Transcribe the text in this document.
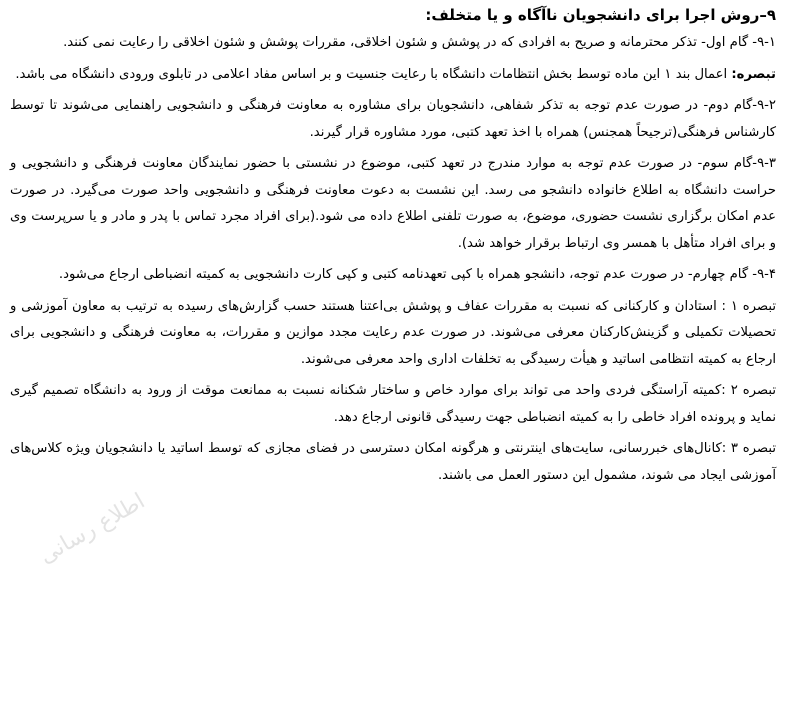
۹–روش اجرا برای دانشجویان ناآگاه و یا متخلف:

۹-۱- گام اول- تذکر محترمانه و صریح به افرادی که در پوشش و شئون اخلاقی، مقررات پوشش و شئون اخلاقی را رعایت نمی کنند.

تبصره: اعمال بند ۱ این ماده توسط بخش انتظامات دانشگاه با رعایت جنسیت و بر اساس مفاد اعلامی در تابلوی ورودی دانشگاه می باشد.

۹-۲-گام دوم- در صورت عدم توجه به تذکر شفاهی، دانشجویان برای مشاوره به معاونت فرهنگی و دانشجویی راهنمایی می‌شوند تا توسط کارشناس فرهنگی(ترجیحاً همجنس) همراه با اخذ تعهد کتبی، مورد مشاوره قرار گیرند.

۹-۳-گام سوم- در صورت عدم توجه به موارد مندرج در تعهد کتبی، موضوع در نشستی با حضور نمایندگان معاونت فرهنگی و دانشجویی و حراست دانشگاه به اطلاع خانواده دانشجو می رسد. این نشست به دعوت معاونت فرهنگی و دانشجویی واحد صورت می‌گیرد. در صورت عدم امکان برگزاری نشست حضوری، موضوع، به صورت تلفنی اطلاع داده می شود.(برای افراد مجرد تماس با پدر و مادر و یا سرپرست وی و برای افراد متأهل با همسر وی ارتباط برقرار خواهد شد).

۹-۴- گام چهارم- در صورت عدم توجه، دانشجو همراه با کپی تعهدنامه کتبی و کپی کارت دانشجویی به کمیته انضباطی ارجاع می‌شود.

تبصره ۱ : استادان و کارکنانی که نسبت به مقررات عفاف و پوشش بی‌اعتنا هستند حسب گزارش‌های رسیده به ترتیب به معاون آموزشی و تحصیلات تکمیلی و گزینش‌کارکنان معرفی می‌شوند. در صورت عدم رعایت مجدد موازین و مقررات، به معاونت فرهنگی و دانشجویی برای ارجاع به کمیته انتظامی اساتید و هیأت رسیدگی به تخلفات اداری واحد معرفی می‌شوند.

تبصره ۲ :کمیته آراستگی فردی واحد می تواند برای موارد خاص و ساختار شکنانه نسبت به ممانعت موقت از ورود به دانشگاه تصمیم گیری نماید و پرونده افراد خاطی را به کمیته انضباطی جهت رسیدگی قانونی ارجاع دهد.

تبصره ۳ :کانال‌های خبررسانی، سایت‌های اینترنتی و هرگونه امکان دسترسی در فضای مجازی که توسط اساتید یا دانشجویان ویژه کلاس‌های آموزشی ایجاد می شوند، مشمول این دستور العمل می باشند.

اطلاع رسانی
